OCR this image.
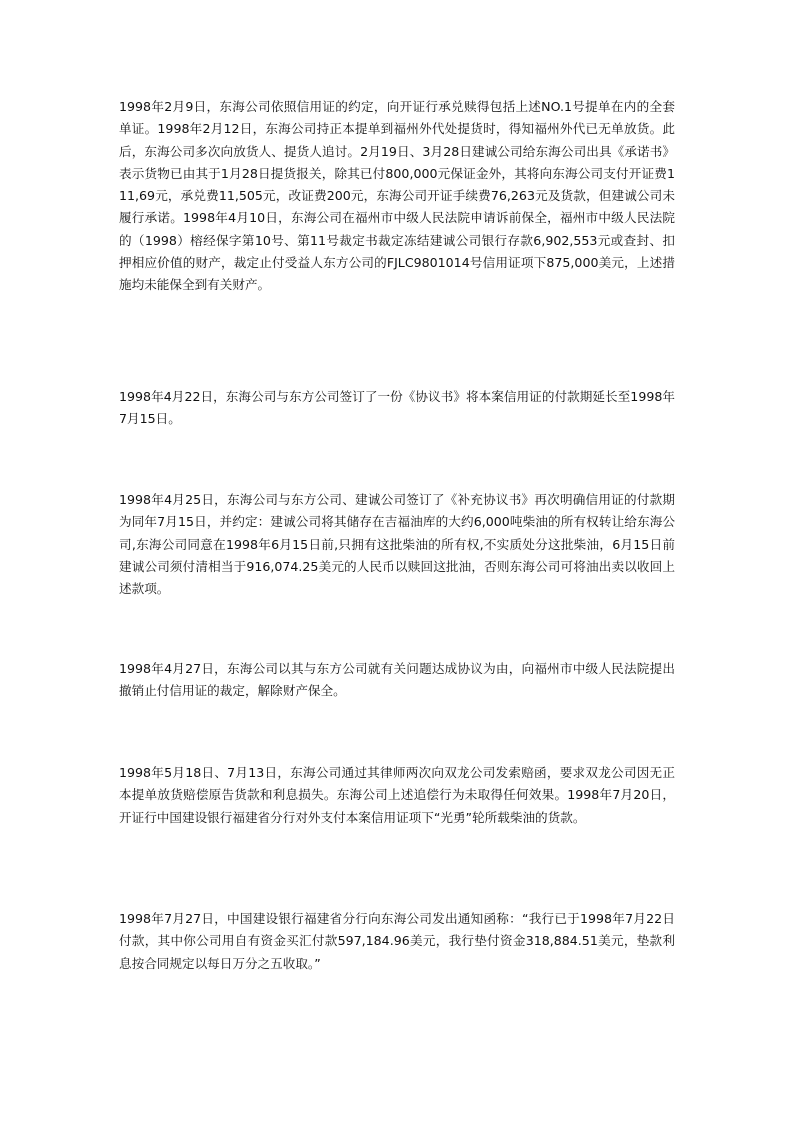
1998年2月9日，东海公司依照信用证的约定，向开证行承兑赎得包括上述NO.1号提单在内的全套单证。1998年2月12日，东海公司持正本提单到福州外代处提货时，得知福州外代已无单放货。此后，东海公司多次向放货人、提货人追讨。2月19日、3月28日建诚公司给东海公司出具《承诺书》表示货物已由其于1月28日提货报关，除其已付800,000元保证金外，其将向东海公司支付开证费111,69元，承兑费11,505元，改证费200元，东海公司开证手续费76,263元及货款，但建诚公司未履行承诺。1998年4月10日，东海公司在福州市中级人民法院申请诉前保全，福州市中级人民法院的（1998）榕经保字第10号、第11号裁定书裁定冻结建诚公司银行存款6,902,553元或查封、扣押相应价值的财产，裁定止付受益人东方公司的FJLC9801014号信用证项下875,000美元，上述措施均未能保全到有关财产。

1998年4月22日，东海公司与东方公司签订了一份《协议书》将本案信用证的付款期延长至1998年7月15日。

1998年4月25日，东海公司与东方公司、建诚公司签订了《补充协议书》再次明确信用证的付款期为同年7月15日，并约定：建诚公司将其储存在吉福油库的大约6,000吨柴油的所有权转让给东海公司,东海公司同意在1998年6月15日前,只拥有这批柴油的所有权,不实质处分这批柴油，6月15日前建诚公司须付清相当于916,074.25美元的人民币以赎回这批油，否则东海公司可将油出卖以收回上述款项。

1998年4月27日，东海公司以其与东方公司就有关问题达成协议为由，向福州市中级人民法院提出撤销止付信用证的裁定，解除财产保全。

1998年5月18日、7月13日，东海公司通过其律师两次向双龙公司发索赔函，要求双龙公司因无正本提单放货赔偿原告货款和利息损失。东海公司上述追偿行为未取得任何效果。1998年7月20日，开证行中国建设银行福建省分行对外支付本案信用证项下“光勇”轮所载柴油的货款。

1998年7月27日，中国建设银行福建省分行向东海公司发出通知函称：“我行已于1998年7月22日付款，其中你公司用自有资金买汇付款597,184.96美元，我行垫付资金318,884.51美元，垫款利息按合同规定以每日万分之五收取。”
